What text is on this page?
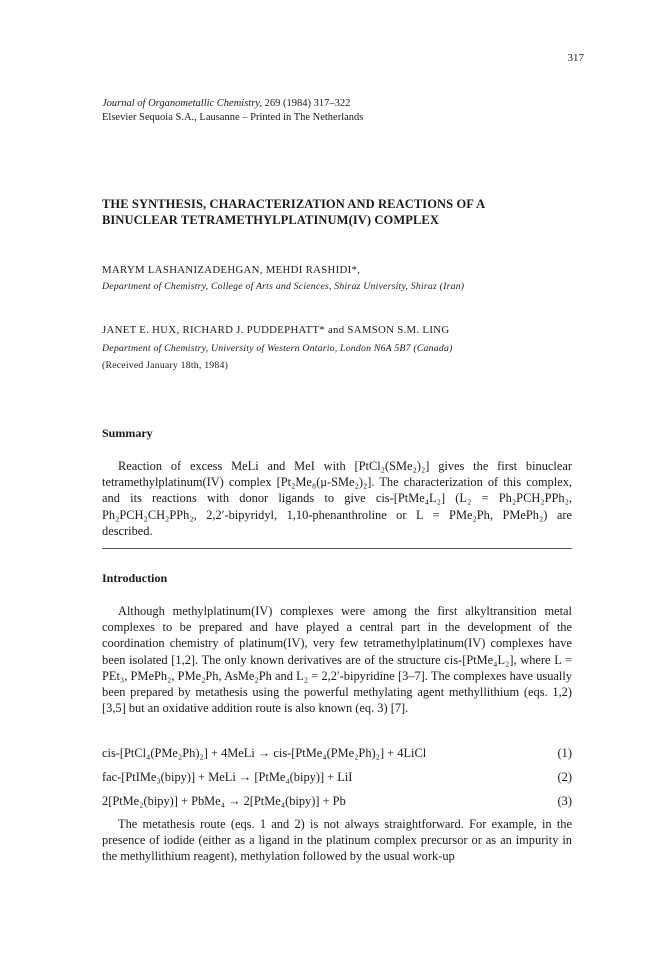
317
Journal of Organometallic Chemistry, 269 (1984) 317–322
Elsevier Sequoia S.A., Lausanne – Printed in The Netherlands
THE SYNTHESIS, CHARACTERIZATION AND REACTIONS OF A
BINUCLEAR TETRAMETHYLPLATINUM(IV) COMPLEX
MARYM LASHANIZADEHGAN, MEHDI RASHIDI*,
Department of Chemistry, College of Arts and Sciences, Shiraz University, Shiraz (Iran)
JANET E. HUX, RICHARD J. PUDDEPHATT* and SAMSON S.M. LING
Department of Chemistry, University of Western Ontario, London N6A 5B7 (Canada)
(Received January 18th, 1984)
Summary

Reaction of excess MeLi and MeI with [PtCl₂(SMe₂)₂] gives the first binuclear tetramethylplatinum(IV) complex [Pt₂Me₈(μ-SMe₂)₂]. The characterization of this complex, and its reactions with donor ligands to give cis-[PtMe₄L₂] (L₂ = Ph₂PCH₂PPh₂, Ph₂PCH₂CH₂PPh₂, 2,2′-bipyridyl, 1,10-phenanthroline or L = PMe₂Ph, PMePh₂) are described.

Introduction

Although methylplatinum(IV) complexes were among the first alkyltransition metal complexes to be prepared and have played a central part in the development of the coordination chemistry of platinum(IV), very few tetramethylplatinum(IV) complexes have been isolated [1,2]. The only known derivatives are of the structure cis-[PtMe₄L₂], where L = PEt₃, PMePh₂, PMe₂Ph, AsMe₂Ph and L₂ = 2,2′-bipyridine [3–7]. The complexes have usually been prepared by metathesis using the powerful methylating agent methyllithium (eqs. 1,2) [3,5] but an oxidative addition route is also known (eq. 3) [7].

cis-[PtCl₄(PMe₂Ph)₂] + 4MeLi → cis-[PtMe₄(PMe₂Ph)₂] + 4LiCl	(1)
fac-[PtIMe₃(bipy)] + MeLi → [PtMe₄(bipy)] + LiI	(2)
2[PtMe₂(bipy)] + PbMe₄ → 2[PtMe₄(bipy)] + Pb	(3)

The metathesis route (eqs. 1 and 2) is not always straightforward. For example, in the presence of iodide (either as a ligand in the platinum complex precursor or as an impurity in the methyllithium reagent), methylation followed by the usual work-up
